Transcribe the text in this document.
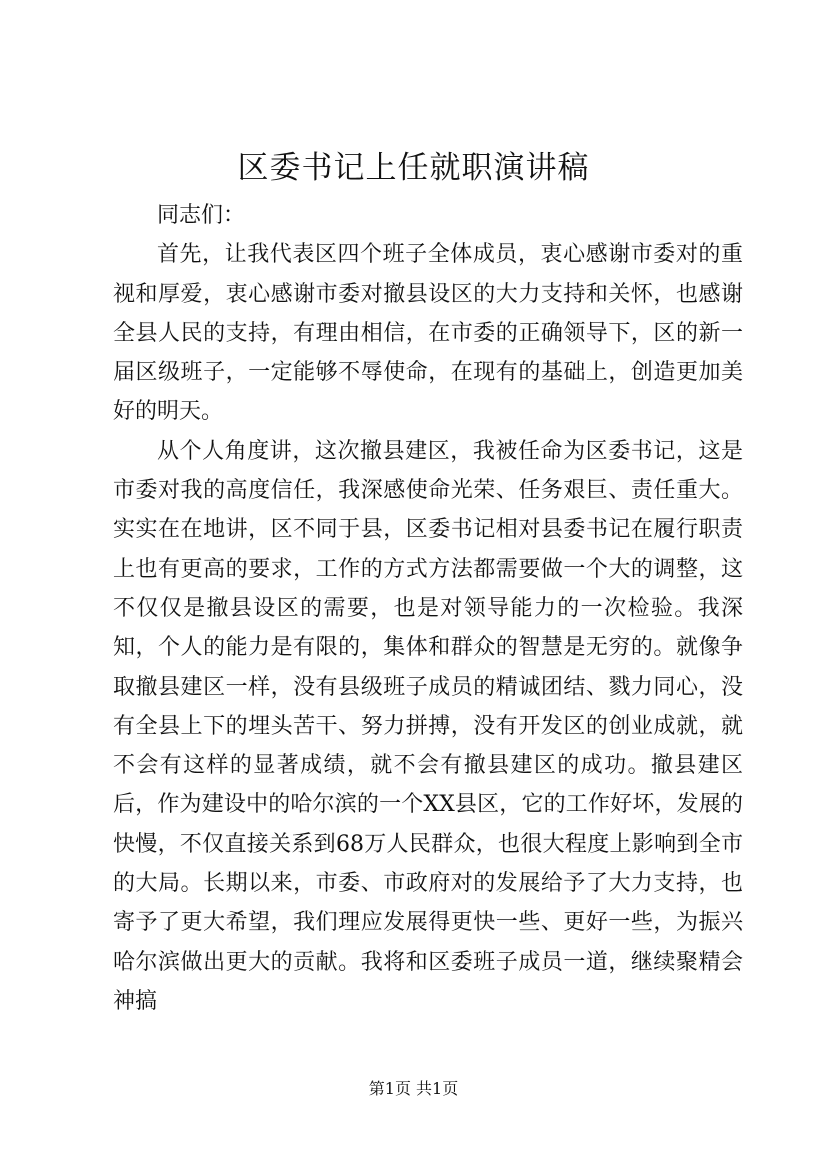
区委书记上任就职演讲稿

同志们：

首先，让我代表区四个班子全体成员，衷心感谢市委对的重视和厚爱，衷心感谢市委对撤县设区的大力支持和关怀，也感谢全县人民的支持，有理由相信，在市委的正确领导下，区的新一届区级班子，一定能够不辱使命，在现有的基础上，创造更加美好的明天。

从个人角度讲，这次撤县建区，我被任命为区委书记，这是市委对我的高度信任，我深感使命光荣、任务艰巨、责任重大。实实在在地讲，区不同于县，区委书记相对县委书记在履行职责上也有更高的要求，工作的方式方法都需要做一个大的调整，这不仅仅是撤县设区的需要，也是对领导能力的一次检验。我深知，个人的能力是有限的，集体和群众的智慧是无穷的。就像争取撤县建区一样，没有县级班子成员的精诚团结、戮力同心，没有全县上下的埋头苦干、努力拼搏，没有开发区的创业成就，就不会有这样的显著成绩，就不会有撤县建区的成功。撤县建区后，作为建设中的哈尔滨的一个XX县区，它的工作好坏，发展的快慢，不仅直接关系到68万人民群众，也很大程度上影响到全市的大局。长期以来，市委、市政府对的发展给予了大力支持，也寄予了更大希望，我们理应发展得更快一些、更好一些，为振兴哈尔滨做出更大的贡献。我将和区委班子成员一道，继续聚精会神搞

第1页 共1页
